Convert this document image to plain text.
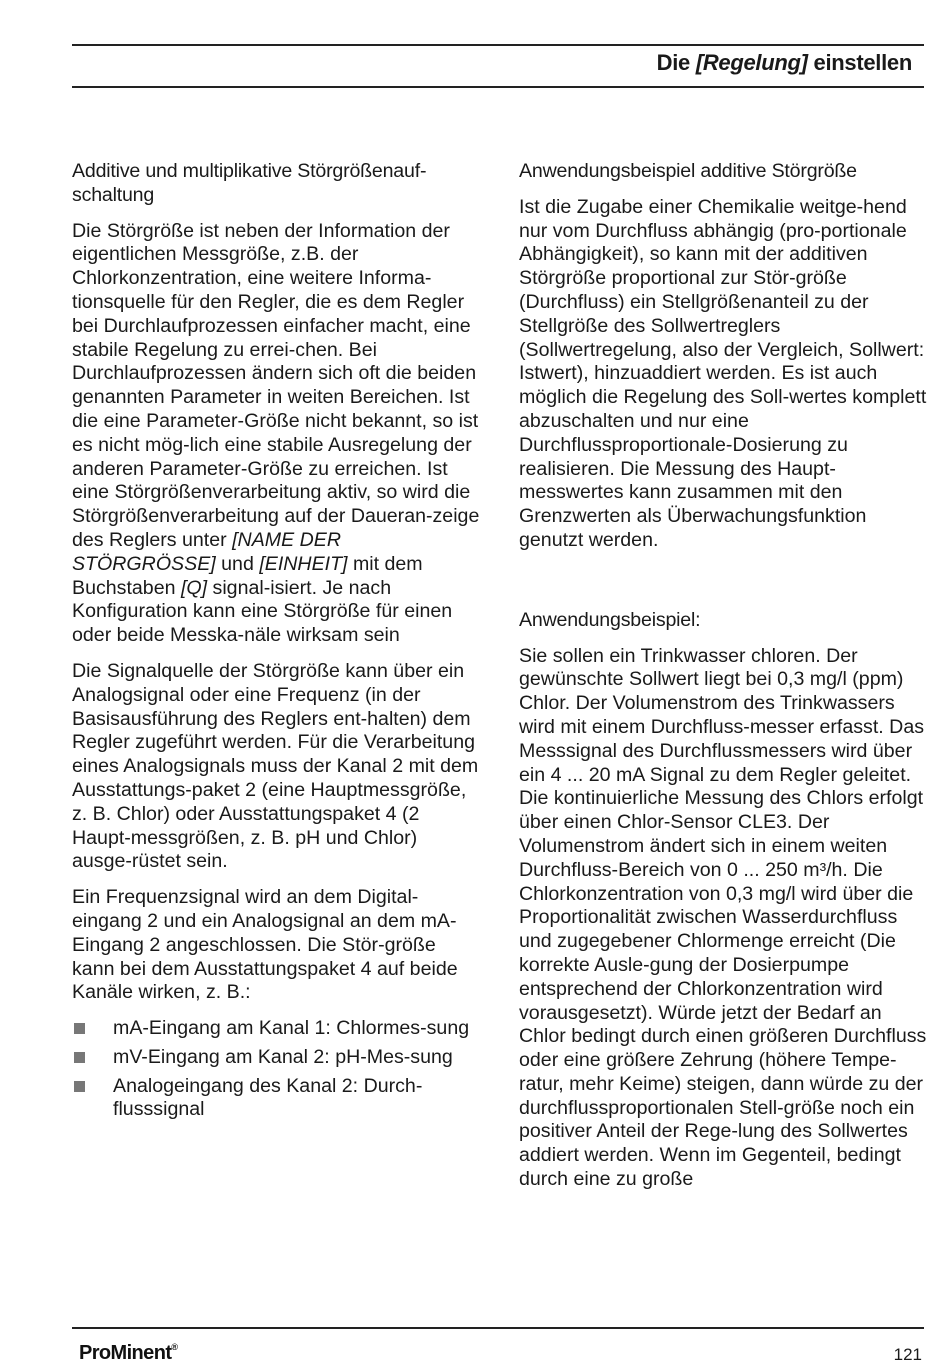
Die [Regelung] einstellen
Additive und multiplikative Störgrößenauf-schaltung

Die Störgröße ist neben der Information der eigentlichen Messgröße, z.B. der Chlorkonzentration, eine weitere Informa-tionsquelle für den Regler, die es dem Regler bei Durchlaufprozessen einfacher macht, eine stabile Regelung zu errei-chen. Bei Durchlaufprozessen ändern sich oft die beiden genannten Parameter in weiten Bereichen. Ist die eine Parameter-Größe nicht bekannt, so ist es nicht mög-lich eine stabile Ausregelung der anderen Parameter-Größe zu erreichen. Ist eine Störgrößenverarbeitung aktiv, so wird die Störgrößenverarbeitung auf der Daueran-zeige des Reglers unter [NAME DER STÖRGRÖSSE] und [EINHEIT] mit dem Buchstaben [Q] signal-isiert. Je nach Konfiguration kann eine Störgröße für einen oder beide Messka-näle wirksam sein

Die Signalquelle der Störgröße kann über ein Analogsignal oder eine Frequenz (in der Basisausführung des Reglers ent-halten) dem Regler zugeführt werden. Für die Verarbeitung eines Analogsignals muss der Kanal 2 mit dem Ausstattungs-paket 2 (eine Hauptmessgröße, z. B. Chlor) oder Ausstattungspaket 4 (2 Haupt-messgrößen, z. B. pH und Chlor) ausge-rüstet sein.

Ein Frequenzsignal wird an dem Digital-eingang 2 und ein Analogsignal an dem mA-Eingang 2 angeschlossen. Die Stör-größe kann bei dem Ausstattungspaket 4 auf beide Kanäle wirken, z. B.:

mA-Eingang am Kanal 1: Chlormes-sung
mV-Eingang am Kanal 2: pH-Mes-sung
Analogeingang des Kanal 2: Durch-flusssignal
Anwendungsbeispiel additive Störgröße

Ist die Zugabe einer Chemikalie weitge-hend nur vom Durchfluss abhängig (pro-portionale Abhängigkeit), so kann mit der additiven Störgröße proportional zur Stör-größe (Durchfluss) ein Stellgrößenanteil zu der Stellgröße des Sollwertreglers (Sollwertregelung, also der Vergleich, Sollwert: Istwert), hinzuaddiert werden. Es ist auch möglich die Regelung des Soll-wertes komplett abzuschalten und nur eine Durchflussproportionale-Dosierung zu realisieren. Die Messung des Haupt-messwertes kann zusammen mit den Grenzwerten als Überwachungsfunktion genutzt werden.

Anwendungsbeispiel:

Sie sollen ein Trinkwasser chloren. Der gewünschte Sollwert liegt bei 0,3 mg/l (ppm) Chlor. Der Volumenstrom des Trinkwassers wird mit einem Durchfluss-messer erfasst. Das Messsignal des Durchflussmessers wird über ein 4 ... 20 mA Signal zu dem Regler geleitet. Die kontinuierliche Messung des Chlors erfolgt über einen Chlor-Sensor CLE3. Der Volumenstrom ändert sich in einem weiten Durchfluss-Bereich von 0 ... 250 m³/h. Die Chlorkonzentration von 0,3 mg/l wird über die Proportionalität zwischen Wasserdurchfluss und zugegebener Chlormenge erreicht (Die korrekte Ausle-gung der Dosierpumpe entsprechend der Chlorkonzentration wird vorausgesetzt). Würde jetzt der Bedarf an Chlor bedingt durch einen größeren Durchfluss oder eine größere Zehrung (höhere Tempe-ratur, mehr Keime) steigen, dann würde zu der durchflussproportionalen Stell-größe noch ein positiver Anteil der Rege-lung des Sollwertes addiert werden. Wenn im Gegenteil, bedingt durch eine zu große

ProMinent®	121
